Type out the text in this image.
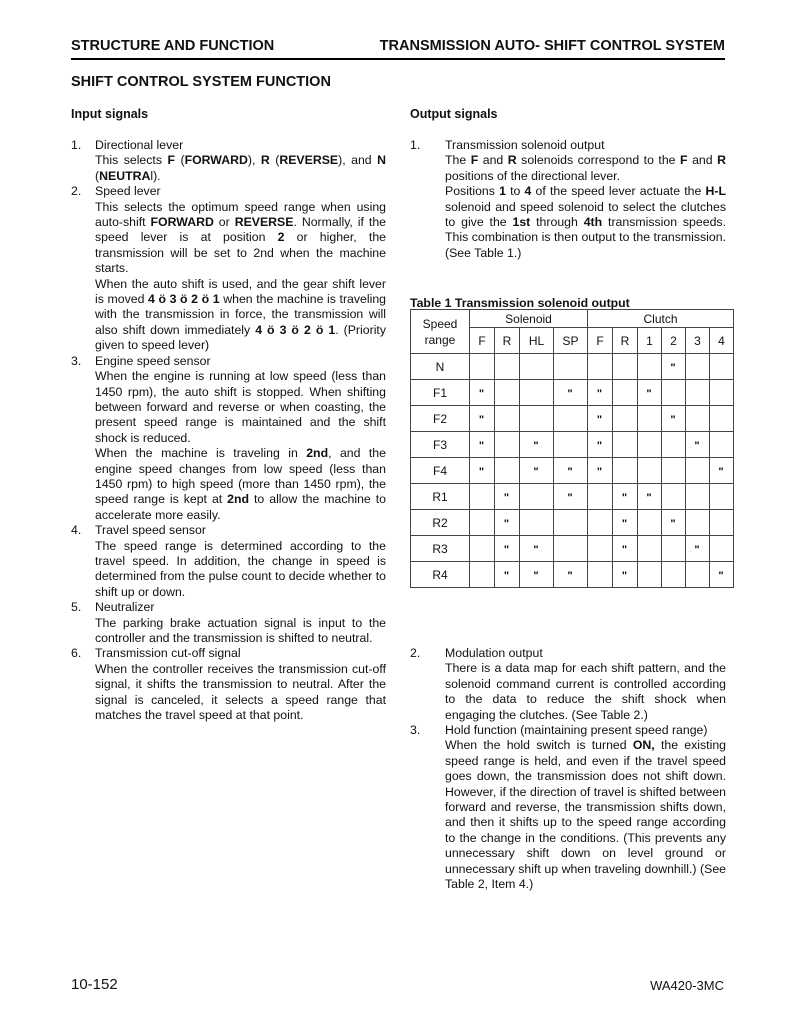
STRUCTURE AND FUNCTION	TRANSMISSION AUTO- SHIFT CONTROL SYSTEM
SHIFT CONTROL SYSTEM FUNCTION
Input signals	Output signals
1. Directional lever

This selects F (FORWARD), R (REVERSE), and N (NEUTRAl).

2. Speed lever

This selects the optimum speed range when using auto-shift FORWARD or REVERSE. Normally, if the speed lever is at position 2 or higher, the transmission will be set to 2nd when the machine starts.

When the auto shift is used, and the gear shift lever is moved 4 ö 3 ö 2 ö 1 when the machine is traveling with the transmission in force, the transmission will also shift down immediately 4 ö 3 ö 2 ö 1. (Priority given to speed lever)

3. Engine speed sensor

When the engine is running at low speed (less than 1450 rpm), the auto shift is stopped. When shifting between forward and reverse or when coasting, the present speed range is maintained and the shift shock is reduced.

When the machine is traveling in 2nd, and the engine speed changes from low speed (less than 1450 rpm) to high speed (more than 1450 rpm), the speed range is kept at 2nd to allow the machine to accelerate more easily.

4. Travel speed sensor

The speed range is determined according to the travel speed. In addition, the change in speed is determined from the pulse count to decide whether to shift up or down.

5. Neutralizer

The parking brake actuation signal is input to the controller and the transmission is shifted to neutral.

6. Transmission cut-off signal

When the controller receives the transmission cut-off signal, it shifts the transmission to neutral. After the signal is canceled, it selects a speed range that matches the travel speed at that point.

1. Transmission solenoid output

The F and R solenoids correspond to the F and R positions of the directional lever.

Positions 1 to 4 of the speed lever actuate the H-L solenoid and speed solenoid to select the clutches to give the 1st through 4th transmission speeds. This combination is then output to the transmission. (See Table 1.)

Table 1 Transmission solenoid output
Speed range	Solenoid				Clutch					
	F	R	HL	SP	F	R	1	2	3	4
N								"		
F1	"			"	"		"			
F2	"				"			"		
F3	"		"		"				"	
F4	"		"	"	"					"
R1		"		"		"	"			
R2		"				"		"		
R3		"	"			"			"	
R4		"	"	"		"				"
2. Modulation output

There is a data map for each shift pattern, and the solenoid command current is controlled according to the data to reduce the shift shock when engaging the clutches. (See Table 2.)

3. Hold function (maintaining present speed range)

When the hold switch is turned ON, the existing speed range is held, and even if the travel speed goes down, the transmission does not shift down. However, if the direction of travel is shifted between forward and reverse, the transmission shifts down, and then it shifts up to the speed range according to the change in the conditions. (This prevents any unnecessary shift down on level ground or unnecessary shift up when traveling downhill.) (See Table 2, Item 4.)

10-152	WA420-3MC
